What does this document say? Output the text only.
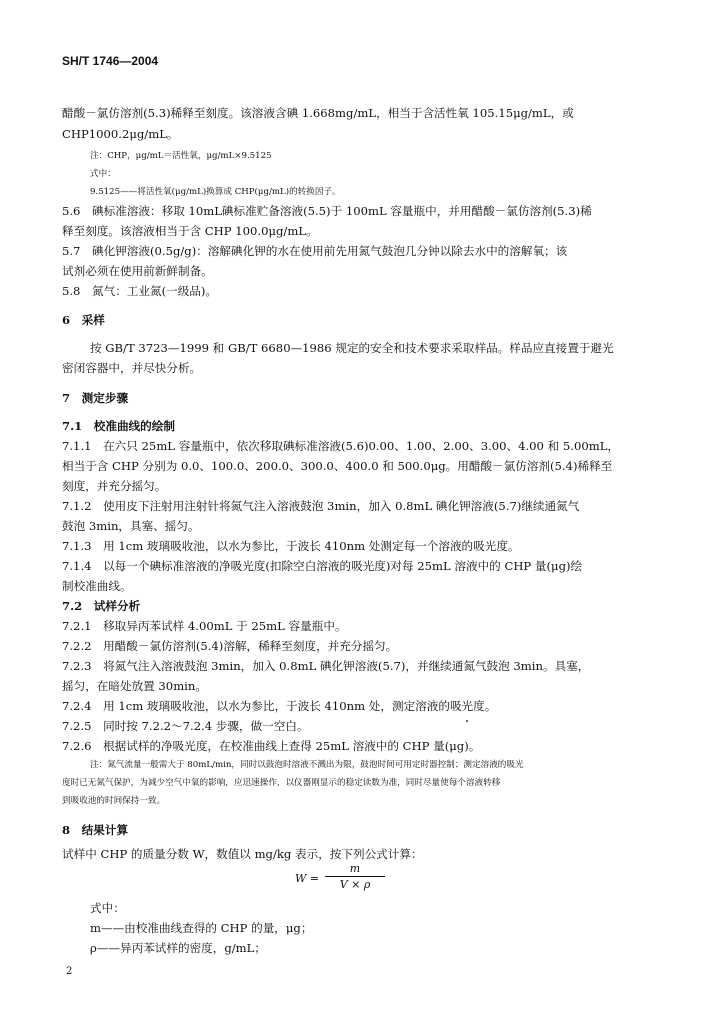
SH/T 1746—2004
醋酸－氯仿溶剂(5.3)稀释至刻度。该溶液含碘 1.668mg/mL，相当于含活性氧 105.15μg/mL，或
CHP1000.2μg/mL。
注：CHP，μg/mL＝活性氧，μg/mL×9.5125
式中：
9.5125——将活性氧(μg/mL)换算成 CHP(μg/mL)的转换因子。
5.6　碘标准溶液：移取 10mL碘标准贮备溶液(5.5)于 100mL 容量瓶中，并用醋酸－氯仿溶剂(5.3)稀
释至刻度。该溶液相当于含 CHP 100.0μg/mL。
5.7　碘化钾溶液(0.5g/g)：溶解碘化钾的水在使用前先用氮气鼓泡几分钟以除去水中的溶解氧；该
试剂必须在使用前新鲜制备。
5.8　氮气：工业氮(一级品)。
6　采样
按 GB/T 3723—1999 和 GB/T 6680—1986 规定的安全和技术要求采取样品。样品应直接置于避光
密闭容器中，并尽快分析。
7　测定步骤
7.1　校准曲线的绘制
7.1.1　在六只 25mL 容量瓶中，依次移取碘标准溶液(5.6)0.00、1.00、2.00、3.00、4.00 和 5.00mL，
相当于含 CHP 分别为 0.0、100.0、200.0、300.0、400.0 和 500.0μg。用醋酸－氯仿溶剂(5.4)稀释至
刻度，并充分摇匀。
7.1.2　使用皮下注射用注射针将氮气注入溶液鼓泡 3min，加入 0.8mL 碘化钾溶液(5.7)继续通氮气
鼓泡 3min，具塞、摇匀。
7.1.3　用 1cm 玻璃吸收池，以水为参比，于波长 410nm 处测定每一个溶液的吸光度。
7.1.4　以每一个碘标准溶液的净吸光度(扣除空白溶液的吸光度)对每 25mL 溶液中的 CHP 量(μg)绘
制校准曲线。
7.2　试样分析
7.2.1　移取异丙苯试样 4.00mL 于 25mL 容量瓶中。
7.2.2　用醋酸－氯仿溶剂(5.4)溶解，稀释至刻度，并充分摇匀。
7.2.3　将氮气注入溶液鼓泡 3min，加入 0.8mL 碘化钾溶液(5.7)，并继续通氮气鼓泡 3min。具塞，
摇匀，在暗处放置 30min。
7.2.4　用 1cm 玻璃吸收池，以水为参比，于波长 410nm 处，测定溶液的吸光度。
7.2.5　同时按 7.2.2～7.2.4 步骤，做一空白。
7.2.6　根据试样的净吸光度，在校准曲线上查得 25mL 溶液中的 CHP 量(μg)。
注：氮气流量一般需大于 80mL/min，同时以鼓泡时溶液不溅出为限，鼓泡时间可用定时器控制；测定溶液的吸光
度时已无氮气保护，为减少空气中氧的影响，应迅速操作，以仪器刚显示的稳定读数为准，同时尽量使每个溶液转移
到吸收池的时间保持一致。
8　结果计算
试样中 CHP 的质量分数 W，数值以 mg/kg 表示，按下列公式计算：
W =
m
V × ρ
式中：
m——由校准曲线查得的 CHP 的量，μg；
ρ——异丙苯试样的密度，g/mL；
2
